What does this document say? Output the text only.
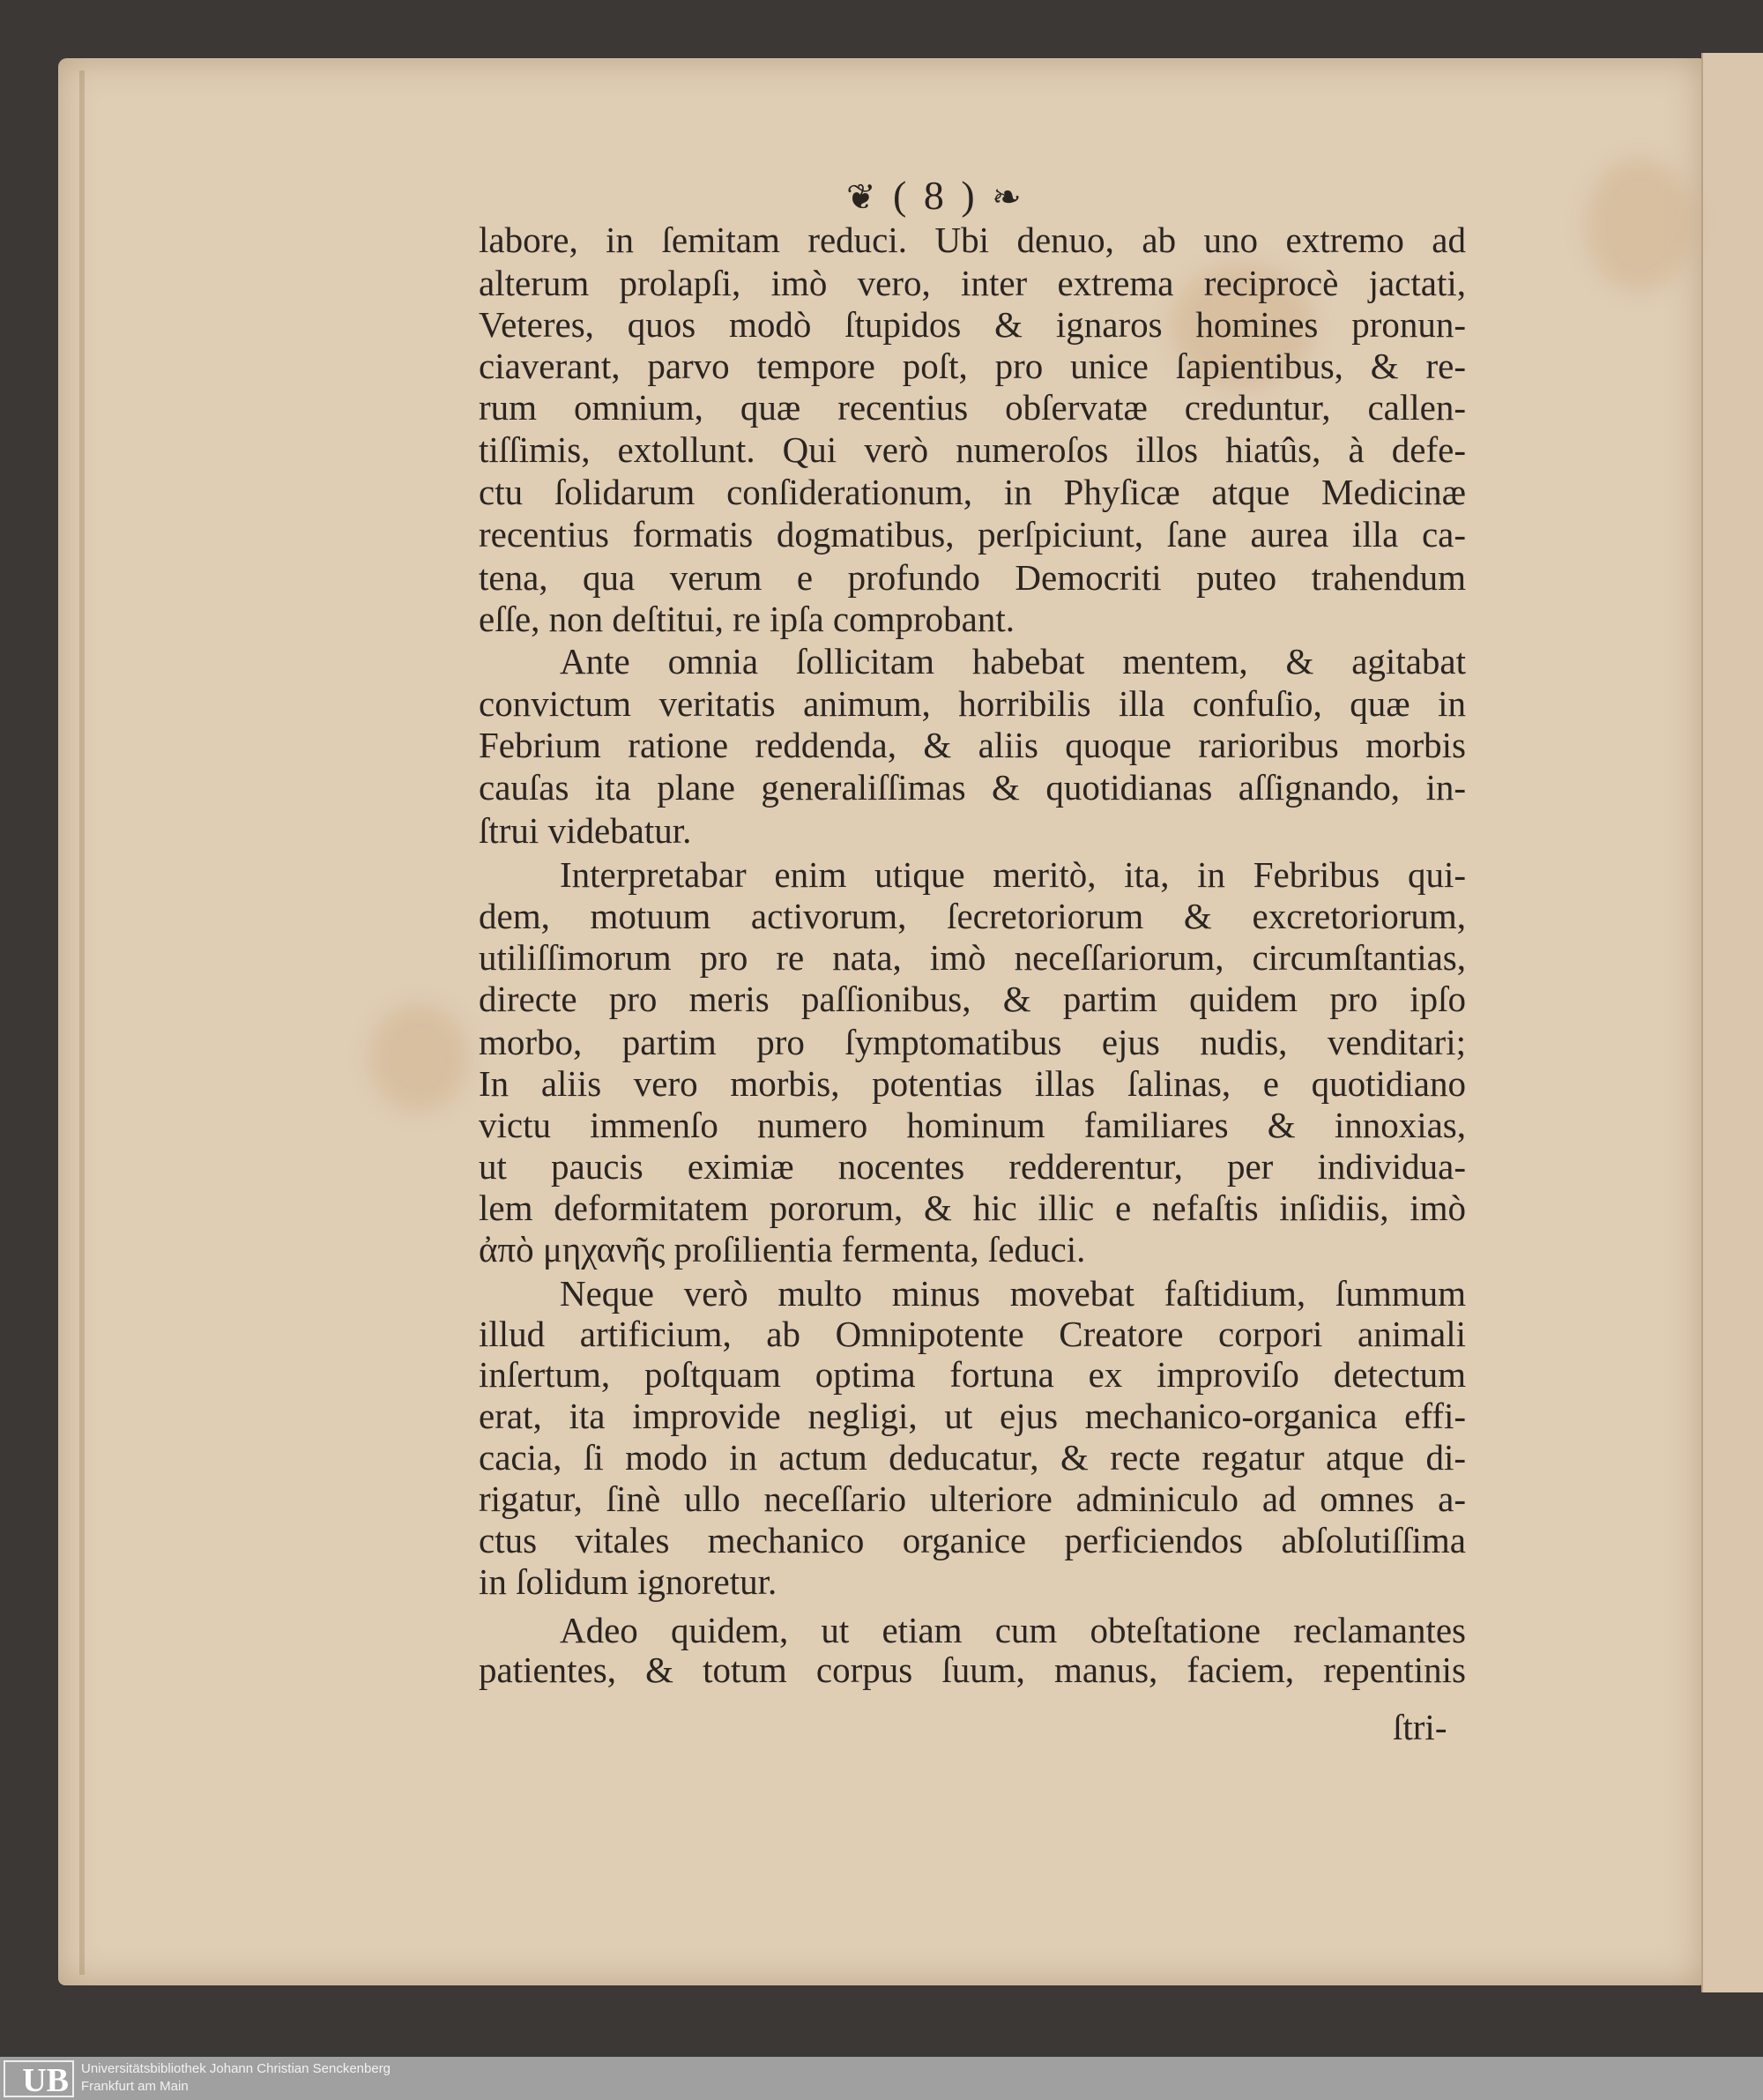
❦ ( 8 ) ❧
labore, in ſemitam reduci. Ubi denuo, ab uno extremo ad
alterum prolapſi, imò vero, inter extrema reciprocè jactati,
Veteres, quos modò ſtupidos & ignaros homines pronun-
ciaverant, parvo tempore poſt, pro unice ſapientibus, & re-
rum omnium, quæ recentius obſervatæ creduntur, callen-
tiſſimis, extollunt. Qui verò numeroſos illos hiatûs, à defe-
ctu ſolidarum conſiderationum, in Phyſicæ atque Medicinæ
recentius formatis dogmatibus, perſpiciunt, ſane aurea illa ca-
tena, qua verum e profundo Democriti puteo trahendum
eſſe, non deſtitui, re ipſa comprobant.
Ante omnia ſollicitam habebat mentem, & agitabat
convictum veritatis animum, horribilis illa confuſio, quæ in
Febrium ratione reddenda, & aliis quoque rarioribus morbis
cauſas ita plane generaliſſimas & quotidianas aſſignando, in-
ſtrui videbatur.
Interpretabar enim utique meritò, ita, in Febribus qui-
dem, motuum activorum, ſecretoriorum & excretoriorum,
utiliſſimorum pro re nata, imò neceſſariorum, circumſtantias,
directe pro meris paſſionibus, & partim quidem pro ipſo
morbo, partim pro ſymptomatibus ejus nudis, venditari;
In aliis vero morbis, potentias illas ſalinas, e quotidiano
victu immenſo numero hominum familiares & innoxias,
ut paucis eximiæ nocentes redderentur, per individua-
lem deformitatem pororum, & hic illic e nefaſtis inſidiis, imò
ἀπὸ μηχανῆς proſilientia fermenta, ſeduci.
Neque verò multo minus movebat faſtidium, ſummum
illud artificium, ab Omnipotente Creatore corpori animali
inſertum, poſtquam optima fortuna ex improviſo detectum
erat, ita improvide negligi, ut ejus mechanico-organica effi-
cacia, ſi modo in actum deducatur, & recte regatur atque di-
rigatur, ſinè ullo neceſſario ulteriore adminiculo ad omnes a-
ctus vitales mechanico organice perficiendos abſolutiſſima
in ſolidum ignoretur.
Adeo quidem, ut etiam cum obteſtatione reclamantes
patientes, & totum corpus ſuum, manus, faciem, repentinis
ſtri-
UB Universitätsbibliothek Johann Christian Senckenberg
Frankfurt am Main
